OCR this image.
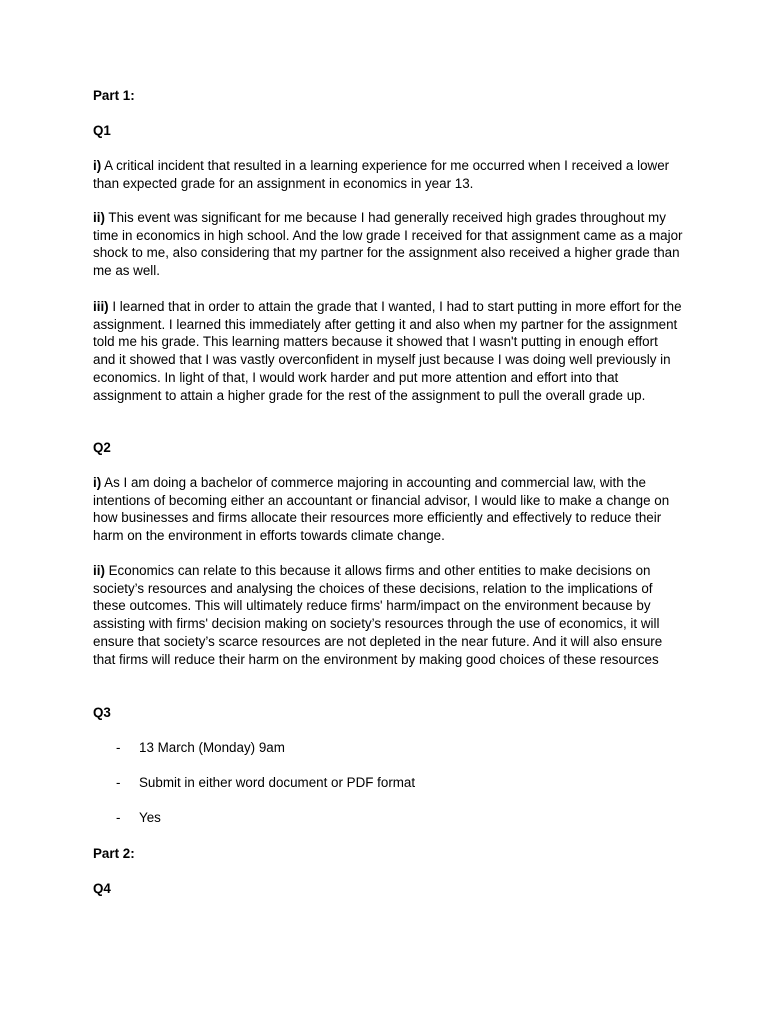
Part 1:

Q1

i) A critical incident that resulted in a learning experience for me occurred when I received a lower than expected grade for an assignment in economics in year 13.

ii) This event was significant for me because I had generally received high grades throughout my time in economics in high school. And the low grade I received for that assignment came as a major shock to me, also considering that my partner for the assignment also received a higher grade than me as well.

iii) I learned that in order to attain the grade that I wanted, I had to start putting in more effort for the assignment. I learned this immediately after getting it and also when my partner for the assignment told me his grade. This learning matters because it showed that I wasn't putting in enough effort and it showed that I was vastly overconfident in myself just because I was doing well previously in economics. In light of that, I would work harder and put more attention and effort into that assignment to attain a higher grade for the rest of the assignment to pull the overall grade up.

Q2

i) As I am doing a bachelor of commerce majoring in accounting and commercial law, with the intentions of becoming either an accountant or financial advisor, I would like to make a change on how businesses and firms allocate their resources more efficiently and effectively to reduce their harm on the environment in efforts towards climate change.

ii) Economics can relate to this because it allows firms and other entities to make decisions on society’s resources and analysing the choices of these decisions, relation to the implications of these outcomes. This will ultimately reduce firms' harm/impact on the environment because by assisting with firms' decision making on society’s resources through the use of economics, it will ensure that society’s scarce resources are not depleted in the near future. And it will also ensure that firms will reduce their harm on the environment by making good choices of these resources

Q3

- 13 March (Monday) 9am
- Submit in either word document or PDF format
- Yes

Part 2:

Q4
